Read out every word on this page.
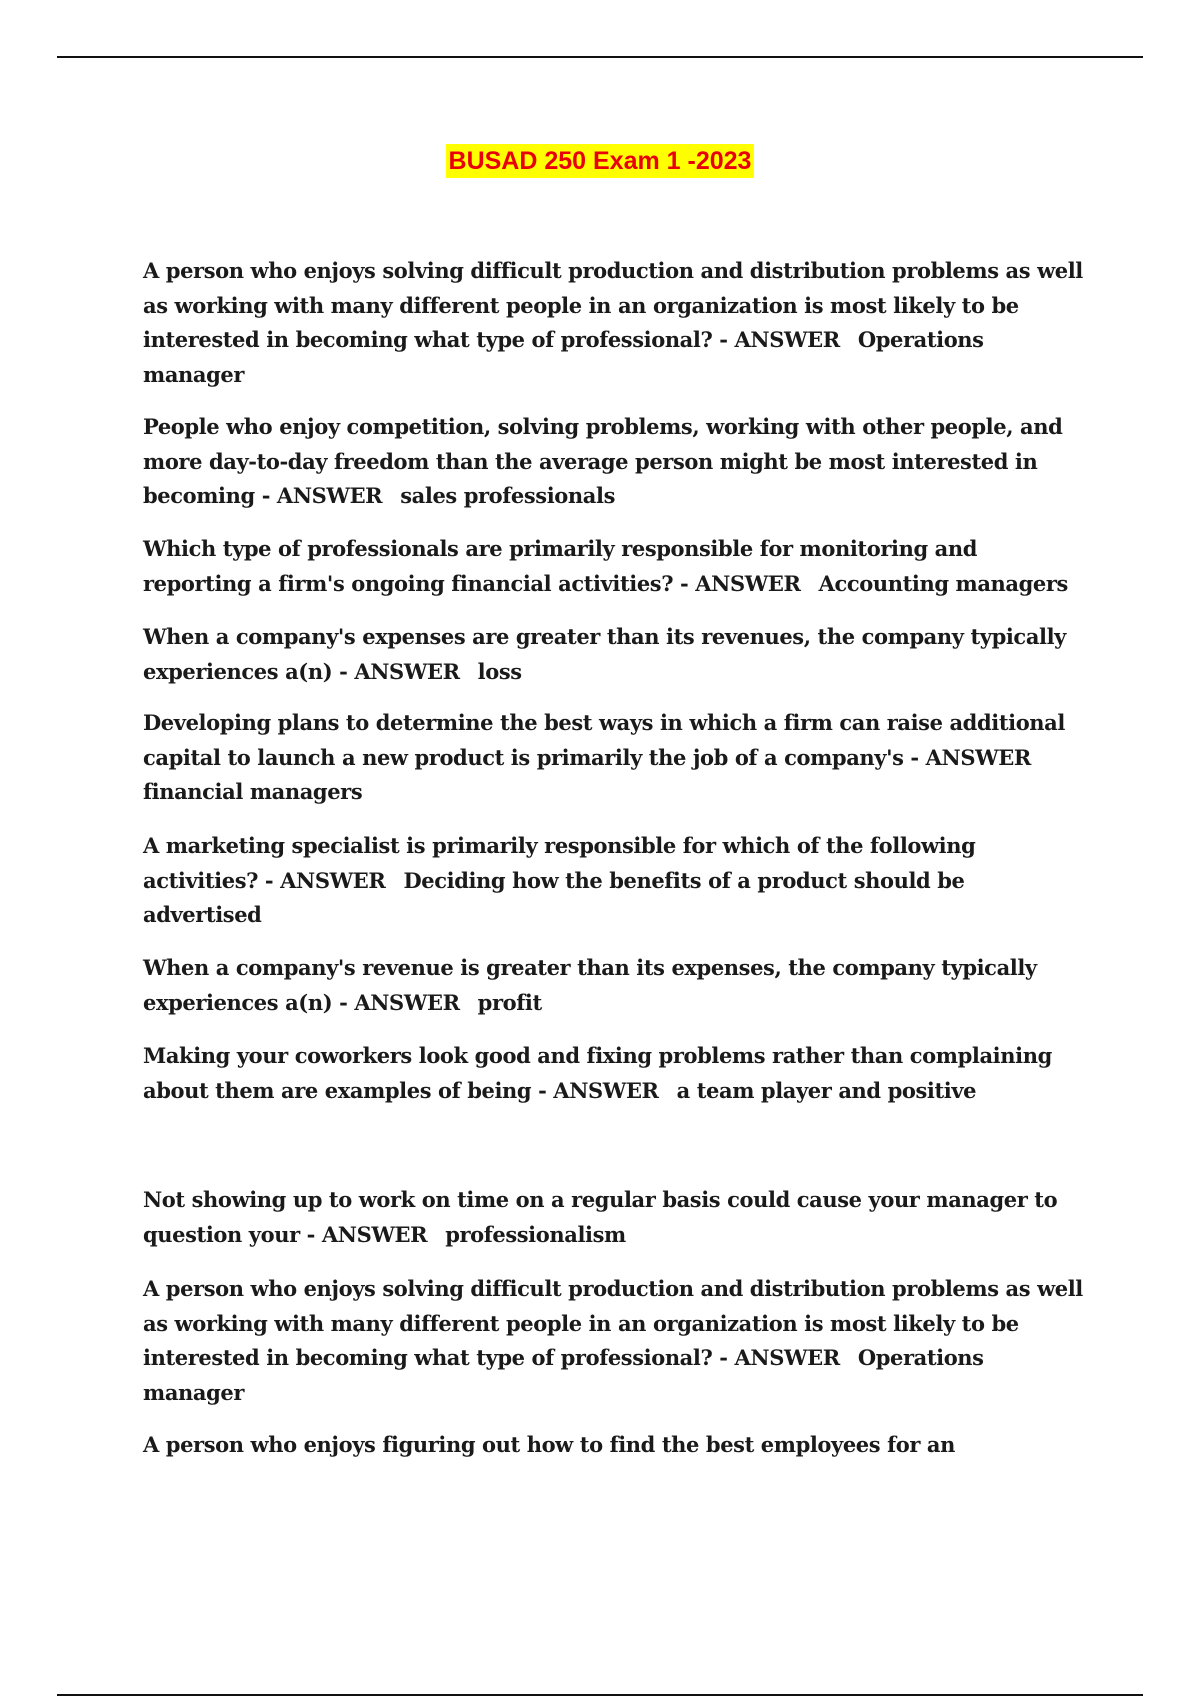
BUSAD 250 Exam 1 -2023

A person who enjoys solving difficult production and distribution problems as well as working with many different people in an organization is most likely to be interested in becoming what type of professional? - ANSWER Operations manager

People who enjoy competition, solving problems, working with other people, and more day-to-day freedom than the average person might be most interested in becoming - ANSWER sales professionals

Which type of professionals are primarily responsible for monitoring and reporting a firm's ongoing financial activities? - ANSWER Accounting managers

When a company's expenses are greater than its revenues, the company typically experiences a(n) - ANSWER loss

Developing plans to determine the best ways in which a firm can raise additional capital to launch a new product is primarily the job of a company's - ANSWERfinancial managers

A marketing specialist is primarily responsible for which of the following activities? - ANSWER Deciding how the benefits of a product should be advertised

When a company's revenue is greater than its expenses, the company typically experiences a(n) - ANSWER profit

Making your coworkers look good and fixing problems rather than complaining about them are examples of being - ANSWER a team player and positive

Not showing up to work on time on a regular basis could cause your manager to question your - ANSWER professionalism

A person who enjoys solving difficult production and distribution problems as well as working with many different people in an organization is most likely to be interested in becoming what type of professional? - ANSWER Operations manager

A person who enjoys figuring out how to find the best employees for an
